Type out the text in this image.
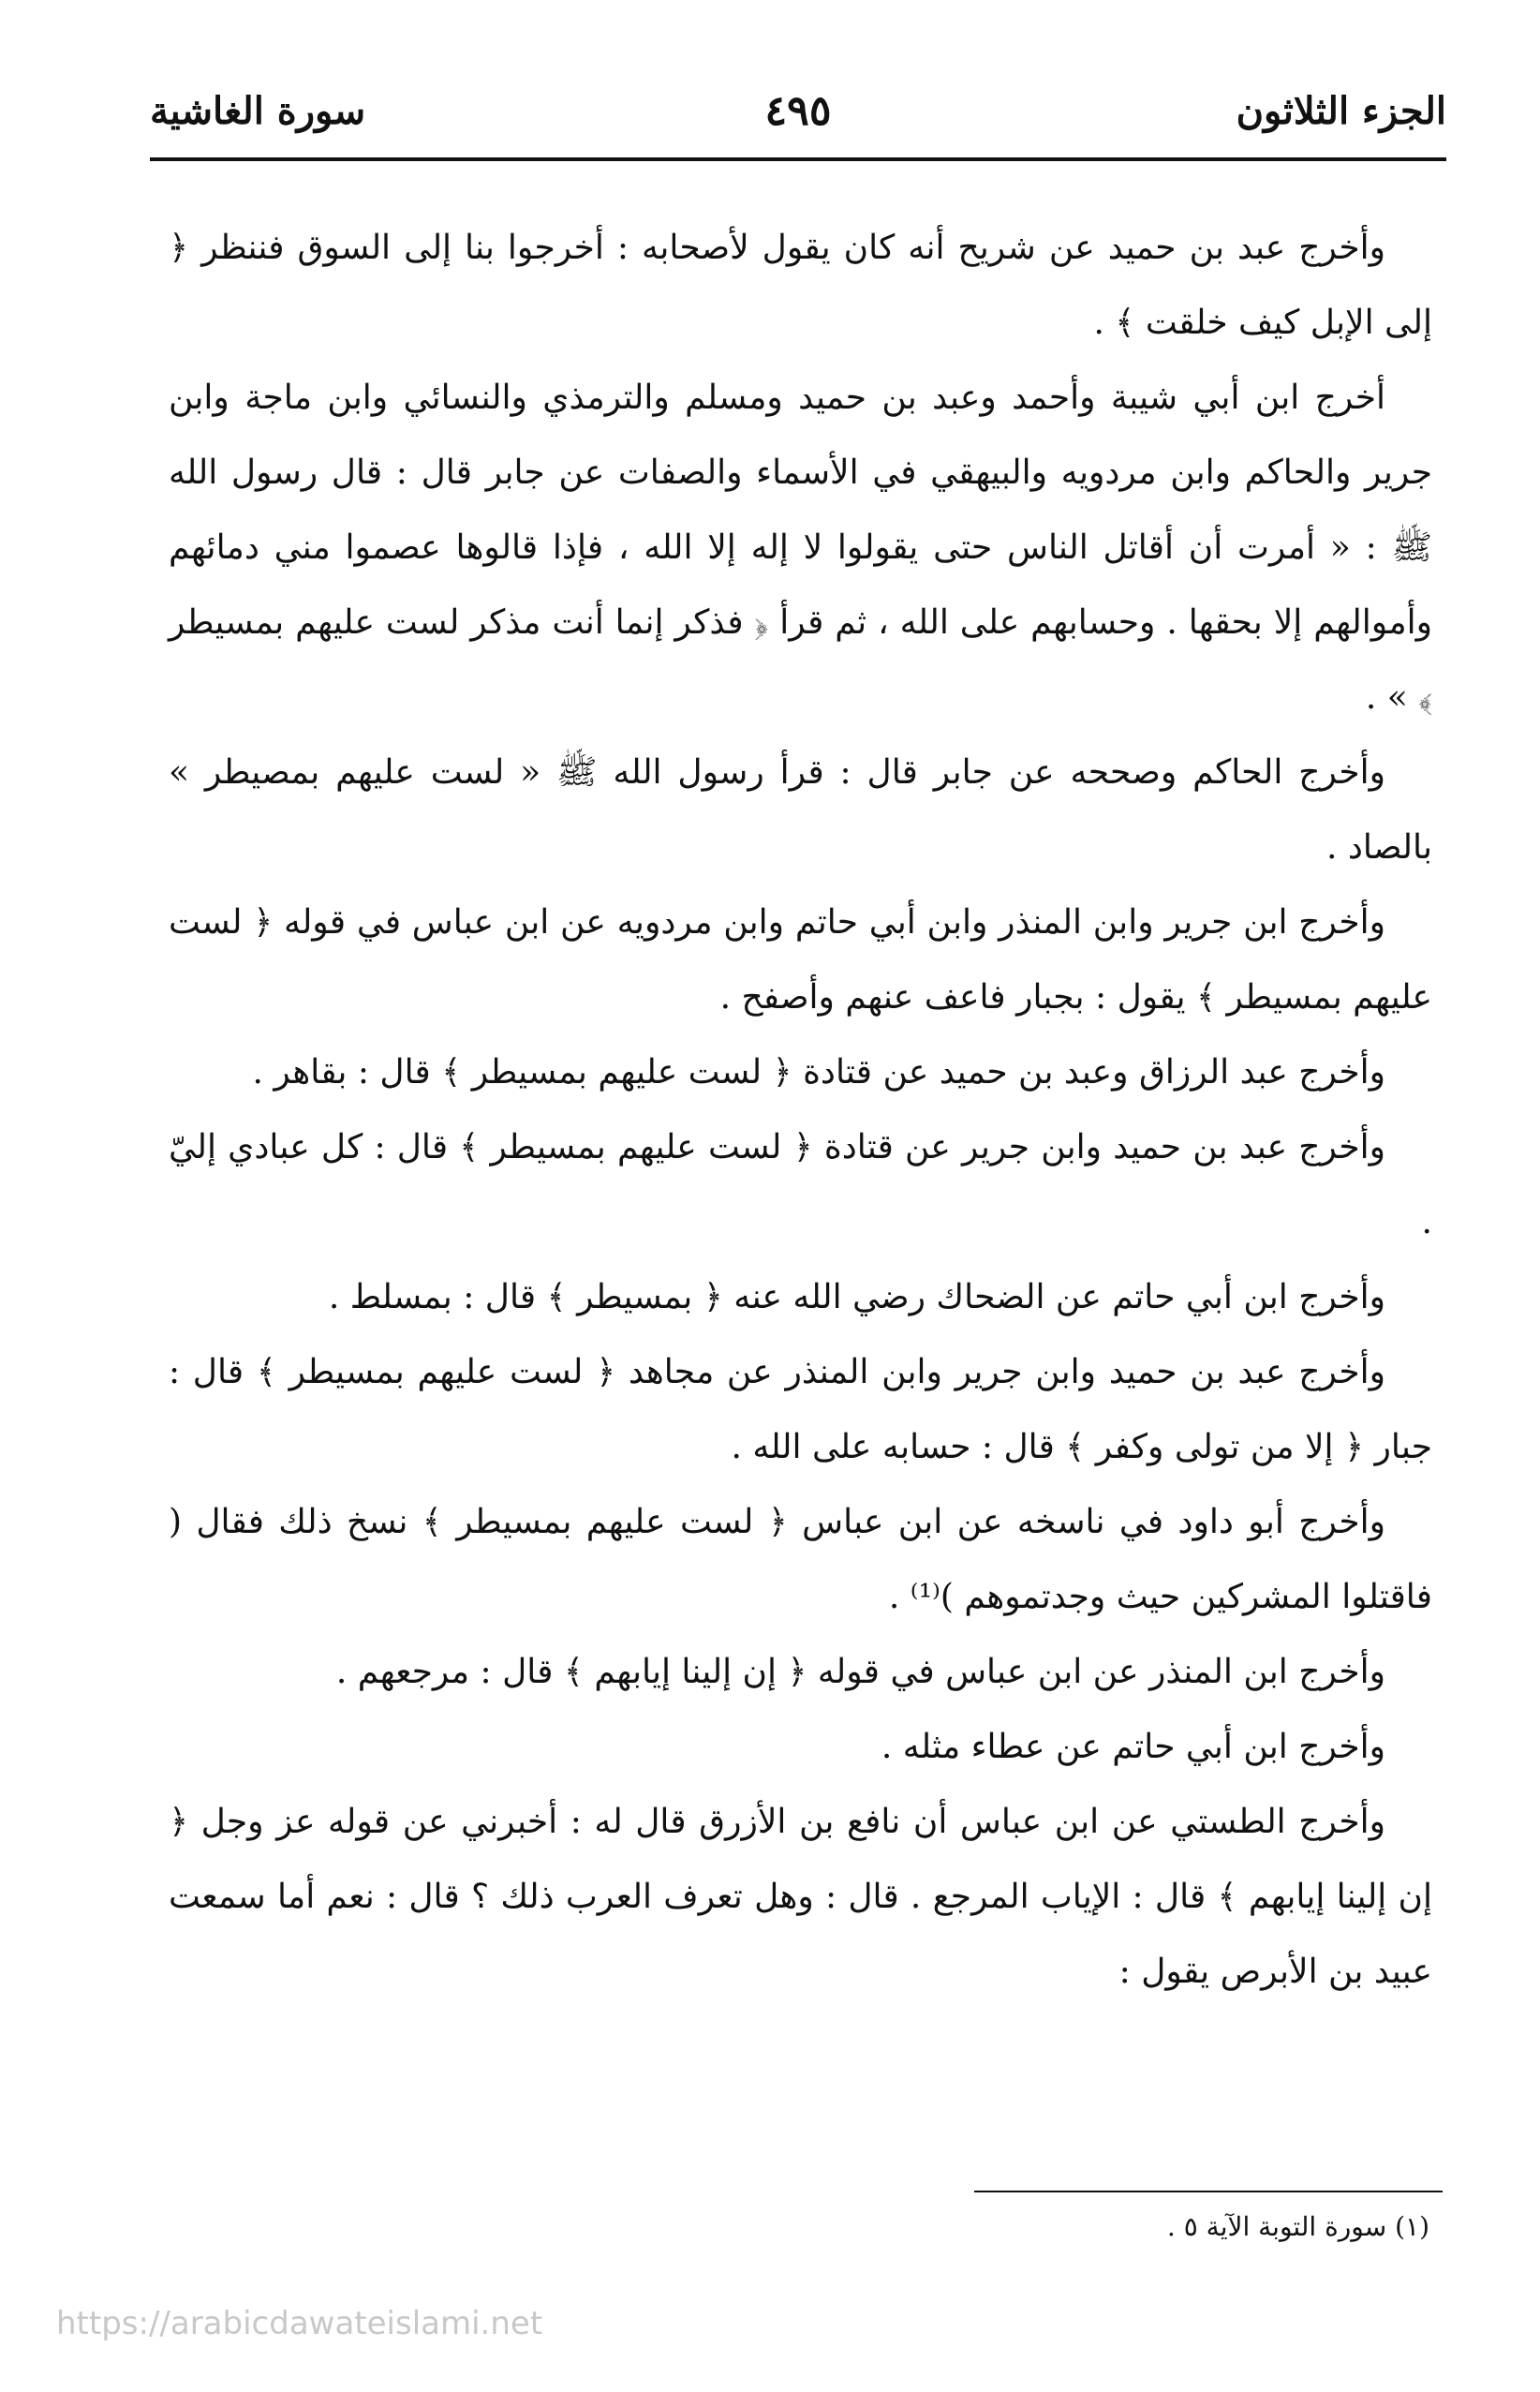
الجزء الثلاثون
٤٩٥
سورة الغاشية

وأخرج عبد بن حميد عن شريح أنه كان يقول لأصحابه : أخرجوا بنا إلى السوق فننظر ﴿ إلى الإبل كيف خلقت ﴾ .

أخرج ابن أبي شيبة وأحمد وعبد بن حميد ومسلم والترمذي والنسائي وابن ماجة وابن جرير والحاكم وابن مردويه والبيهقي في الأسماء والصفات عن جابر قال : قال رسول الله ﷺ : « أمرت أن أقاتل الناس حتى يقولوا لا إله إلا الله ، فإذا قالوها عصموا مني دمائهم وأموالهم إلا بحقها . وحسابهم على الله ، ثم قرأ ﴿ فذكر إنما أنت مذكر لست عليهم بمسيطر ﴾ » .

وأخرج الحاكم وصححه عن جابر قال : قرأ رسول الله ﷺ « لست عليهم بمصيطر » بالصاد .

وأخرج ابن جرير وابن المنذر وابن أبي حاتم وابن مردويه عن ابن عباس في قوله ﴿ لست عليهم بمسيطر ﴾ يقول : بجبار فاعف عنهم وأصفح .

وأخرج عبد الرزاق وعبد بن حميد عن قتادة ﴿ لست عليهم بمسيطر ﴾ قال : بقاهر .

وأخرج عبد بن حميد وابن جرير عن قتادة ﴿ لست عليهم بمسيطر ﴾ قال : كل عبادي إليّ .

وأخرج ابن أبي حاتم عن الضحاك رضي الله عنه ﴿ بمسيطر ﴾ قال : بمسلط .

وأخرج عبد بن حميد وابن جرير وابن المنذر عن مجاهد ﴿ لست عليهم بمسيطر ﴾ قال : جبار ﴿ إلا من تولى وكفر ﴾ قال : حسابه على الله .

وأخرج أبو داود في ناسخه عن ابن عباس ﴿ لست عليهم بمسيطر ﴾ نسخ ذلك فقال ( فاقتلوا المشركين حيث وجدتموهم )⁽¹⁾ .

وأخرج ابن المنذر عن ابن عباس في قوله ﴿ إن إلينا إيابهم ﴾ قال : مرجعهم .

وأخرج ابن أبي حاتم عن عطاء مثله .

وأخرج الطستي عن ابن عباس أن نافع بن الأزرق قال له : أخبرني عن قوله عز وجل ﴿ إن إلينا إيابهم ﴾ قال : الإياب المرجع . قال : وهل تعرف العرب ذلك ؟ قال : نعم أما سمعت عبيد بن الأبرص يقول :

(١) سورة التوبة الآية ٥ .
https://arabicdawateislami.net
